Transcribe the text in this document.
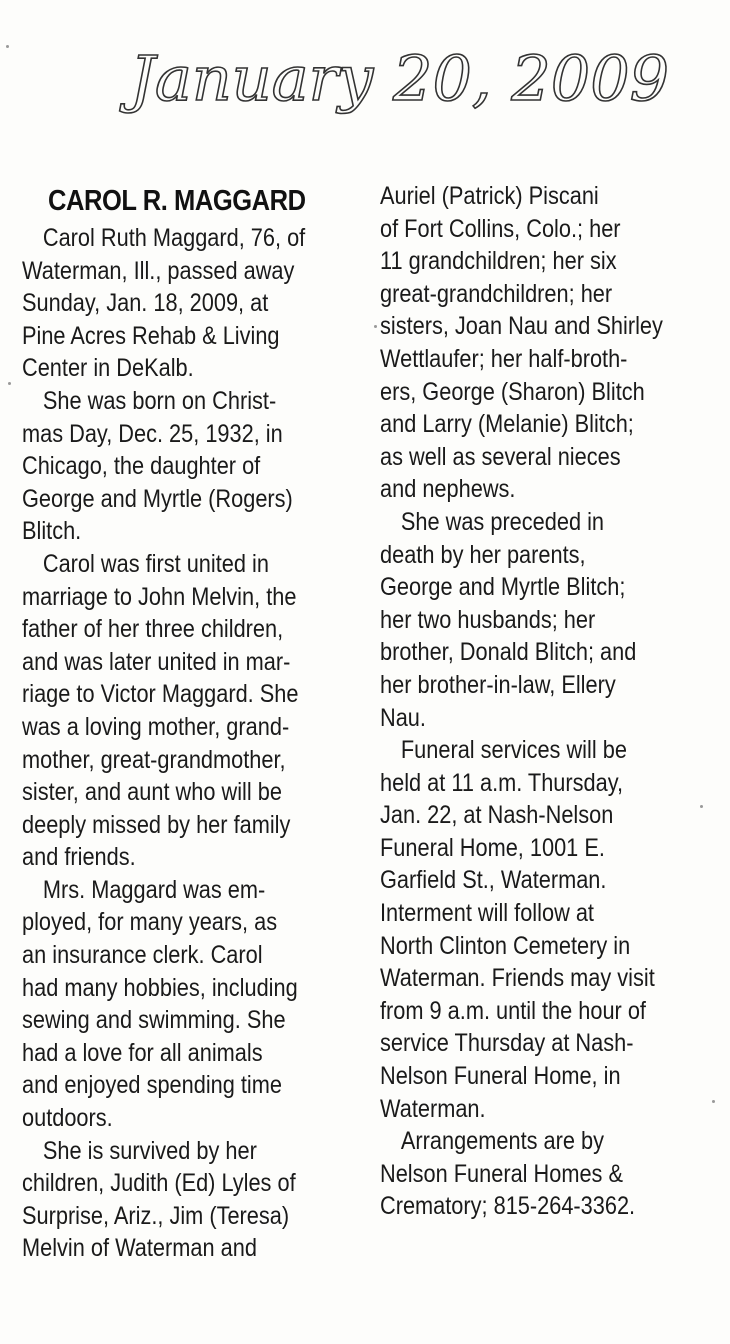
January 20, 2009
CAROL R. MAGGARD
Carol Ruth Maggard, 76, of
Waterman, Ill., passed away
Sunday, Jan. 18, 2009, at
Pine Acres Rehab & Living
Center in DeKalb.
She was born on Christ-
mas Day, Dec. 25, 1932, in
Chicago, the daughter of
George and Myrtle (Rogers)
Blitch.
Carol was first united in
marriage to John Melvin, the
father of her three children,
and was later united in mar-
riage to Victor Maggard. She
was a loving mother, grand-
mother, great-grandmother,
sister, and aunt who will be
deeply missed by her family
and friends.
Mrs. Maggard was em-
ployed, for many years, as
an insurance clerk. Carol
had many hobbies, including
sewing and swimming. She
had a love for all animals
and enjoyed spending time
outdoors.
She is survived by her
children, Judith (Ed) Lyles of
Surprise, Ariz., Jim (Teresa)
Melvin of Waterman and
Auriel (Patrick) Piscani
of Fort Collins, Colo.; her
11 grandchildren; her six
great-grandchildren; her
sisters, Joan Nau and Shirley
Wettlaufer; her half-broth-
ers, George (Sharon) Blitch
and Larry (Melanie) Blitch;
as well as several nieces
and nephews.
She was preceded in
death by her parents,
George and Myrtle Blitch;
her two husbands; her
brother, Donald Blitch; and
her brother-in-law, Ellery
Nau.
Funeral services will be
held at 11 a.m. Thursday,
Jan. 22, at Nash-Nelson
Funeral Home, 1001 E.
Garfield St., Waterman.
Interment will follow at
North Clinton Cemetery in
Waterman. Friends may visit
from 9 a.m. until the hour of
service Thursday at Nash-
Nelson Funeral Home, in
Waterman.
Arrangements are by
Nelson Funeral Homes &
Crematory; 815-264-3362.
